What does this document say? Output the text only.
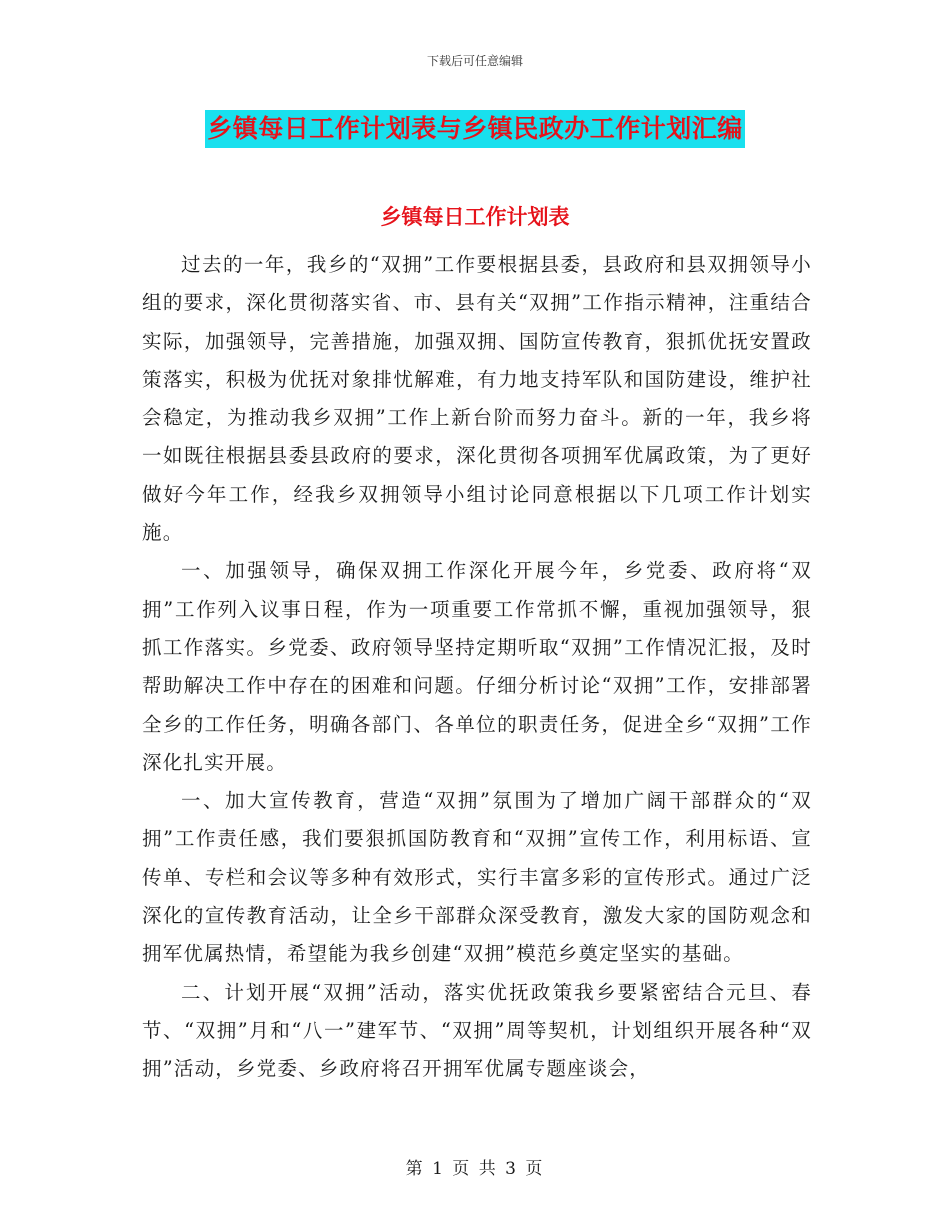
下载后可任意编辑
乡镇每日工作计划表与乡镇民政办工作计划汇编
乡镇每日工作计划表

过去的一年，我乡的“双拥”工作要根据县委，县政府和县双拥领导小组的要求，深化贯彻落实省、市、县有关“双拥”工作指示精神，注重结合实际，加强领导，完善措施，加强双拥、国防宣传教育，狠抓优抚安置政策落实，积极为优抚对象排忧解难，有力地支持军队和国防建设，维护社会稳定，为推动我乡双拥”工作上新台阶而努力奋斗。新的一年，我乡将一如既往根据县委县政府的要求，深化贯彻各项拥军优属政策，为了更好做好今年工作，经我乡双拥领导小组讨论同意根据以下几项工作计划实施。

一、加强领导，确保双拥工作深化开展今年，乡党委、政府将“双拥”工作列入议事日程，作为一项重要工作常抓不懈，重视加强领导，狠抓工作落实。乡党委、政府领导坚持定期听取“双拥”工作情况汇报，及时帮助解决工作中存在的困难和问题。仔细分析讨论“双拥”工作，安排部署全乡的工作任务，明确各部门、各单位的职责任务，促进全乡“双拥”工作深化扎实开展。

一、加大宣传教育，营造“双拥”氛围为了增加广阔干部群众的“双拥”工作责任感，我们要狠抓国防教育和“双拥”宣传工作，利用标语、宣传单、专栏和会议等多种有效形式，实行丰富多彩的宣传形式。通过广泛深化的宣传教育活动，让全乡干部群众深受教育，激发大家的国防观念和拥军优属热情，希望能为我乡创建“双拥”模范乡奠定坚实的基础。

二、计划开展“双拥”活动，落实优抚政策我乡要紧密结合元旦、春节、“双拥”月和“八一”建军节、“双拥”周等契机，计划组织开展各种“双拥”活动，乡党委、乡政府将召开拥军优属专题座谈会，

第 1 页 共 3 页
